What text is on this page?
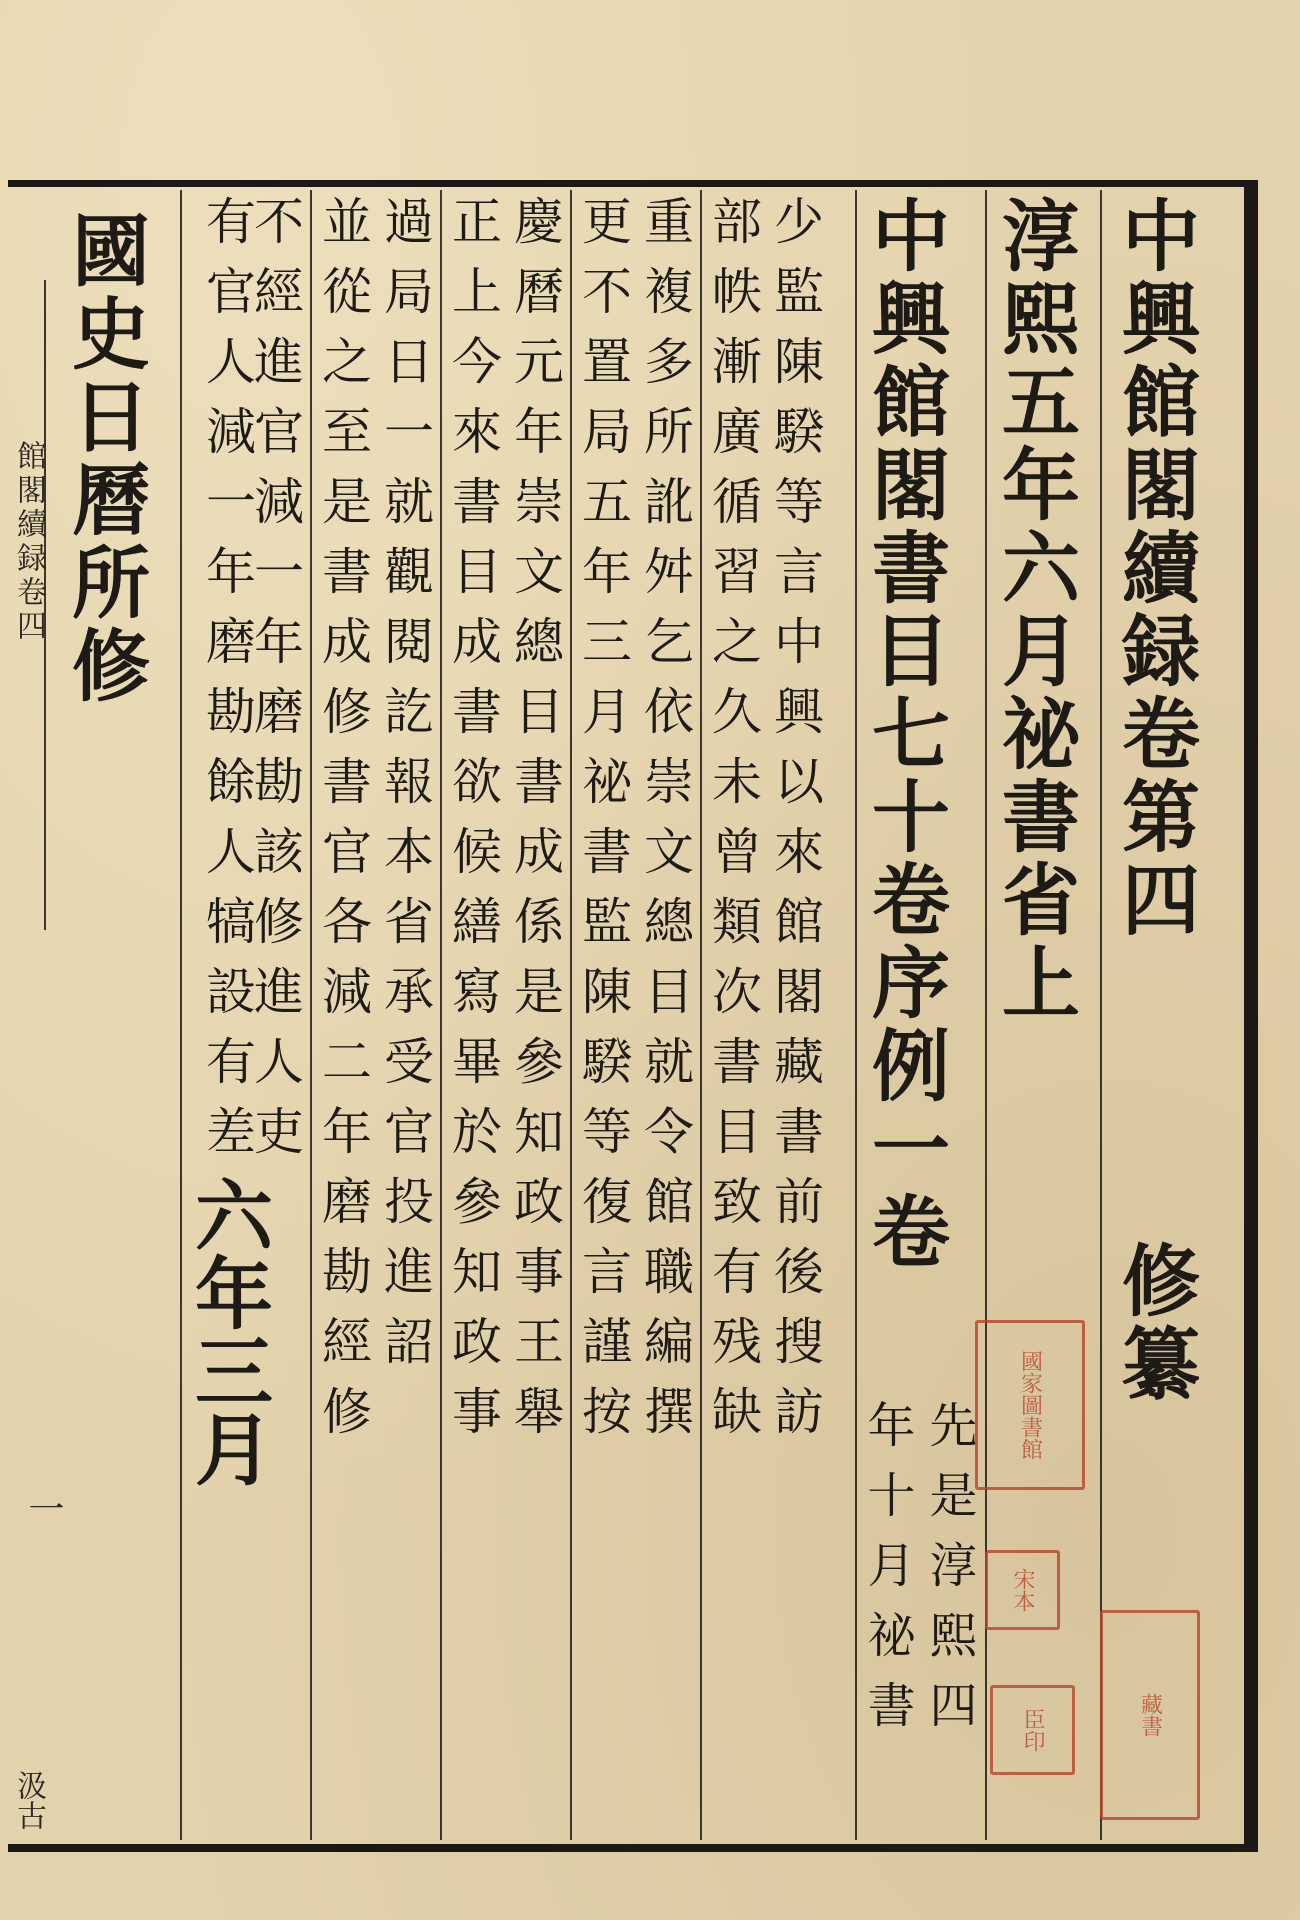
中興館閣續録卷第四
修纂
淳熙五年六月祕書省上
中興館閣書目七十卷序例一卷
先是淳熙四
年十月祕書
少監陳騤等言中興以來館閣藏書前後搜訪
部帙漸廣循習之久未曾類次書目致有残缺
重複多所訛舛乞依崇文總目就令館職編撰
更不置局五年三月祕書監陳騤等復言謹按
慶曆元年崇文總目書成係是參知政事王舉
正上今來書目成書欲候繕寫畢於參知政事
過局日一就觀閱訖報本省承受官投進詔
並從之至是書成修書官各減二年磨勘經修
不經進官減一年磨勘該修進人吏
有官人減一年磨勘餘人犒設有差六年三月
國史日曆所修
館閣續録卷四
一
汲古
國家圖書館
宋本
臣印	藏書
